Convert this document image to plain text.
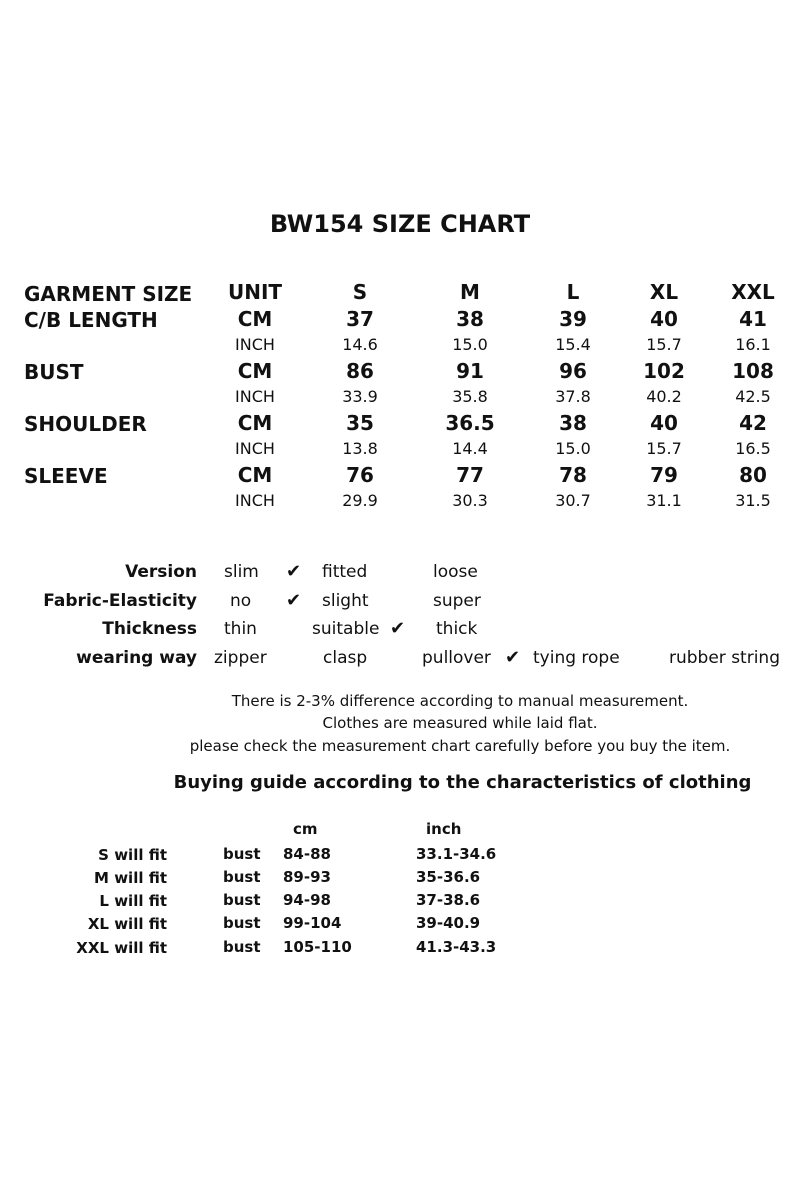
BW154 SIZE CHART
GARMENT SIZE	UNIT	S	M	L	XL	XXL
C/B LENGTH	CM	37	38	39	40	41
INCH	14.6	15.0	15.4	15.7	16.1
BUST	CM	86	91	96	102	108
INCH	33.9	35.8	37.8	40.2	42.5
SHOULDER	CM	35	36.5	38	40	42
INCH	13.8	14.4	15.0	15.7	16.5
SLEEVE	CM	76	77	78	79	80
INCH	29.9	30.3	30.7	31.1	31.5
Version slim ✔ fitted	loose
Fabric-Elasticity no ✔ slight	super
Thickness thin	suitable ✔ thick
wearing way zipper	clasp	pullover ✔ tying rope	rubber string
There is 2-3% difference according to manual measurement.
Clothes are measured while laid flat.
please check the measurement chart carefully before you buy the item.
Buying guide according to the characteristics of clothing
cm	inch
S will fit	bust 84-88	33.1-34.6
M will fit	bust 89-93	35-36.6
L will fit	bust 94-98	37-38.6
XL will fit	bust 99-104	39-40.9
XXL will fit	bust 105-110	41.3-43.3
